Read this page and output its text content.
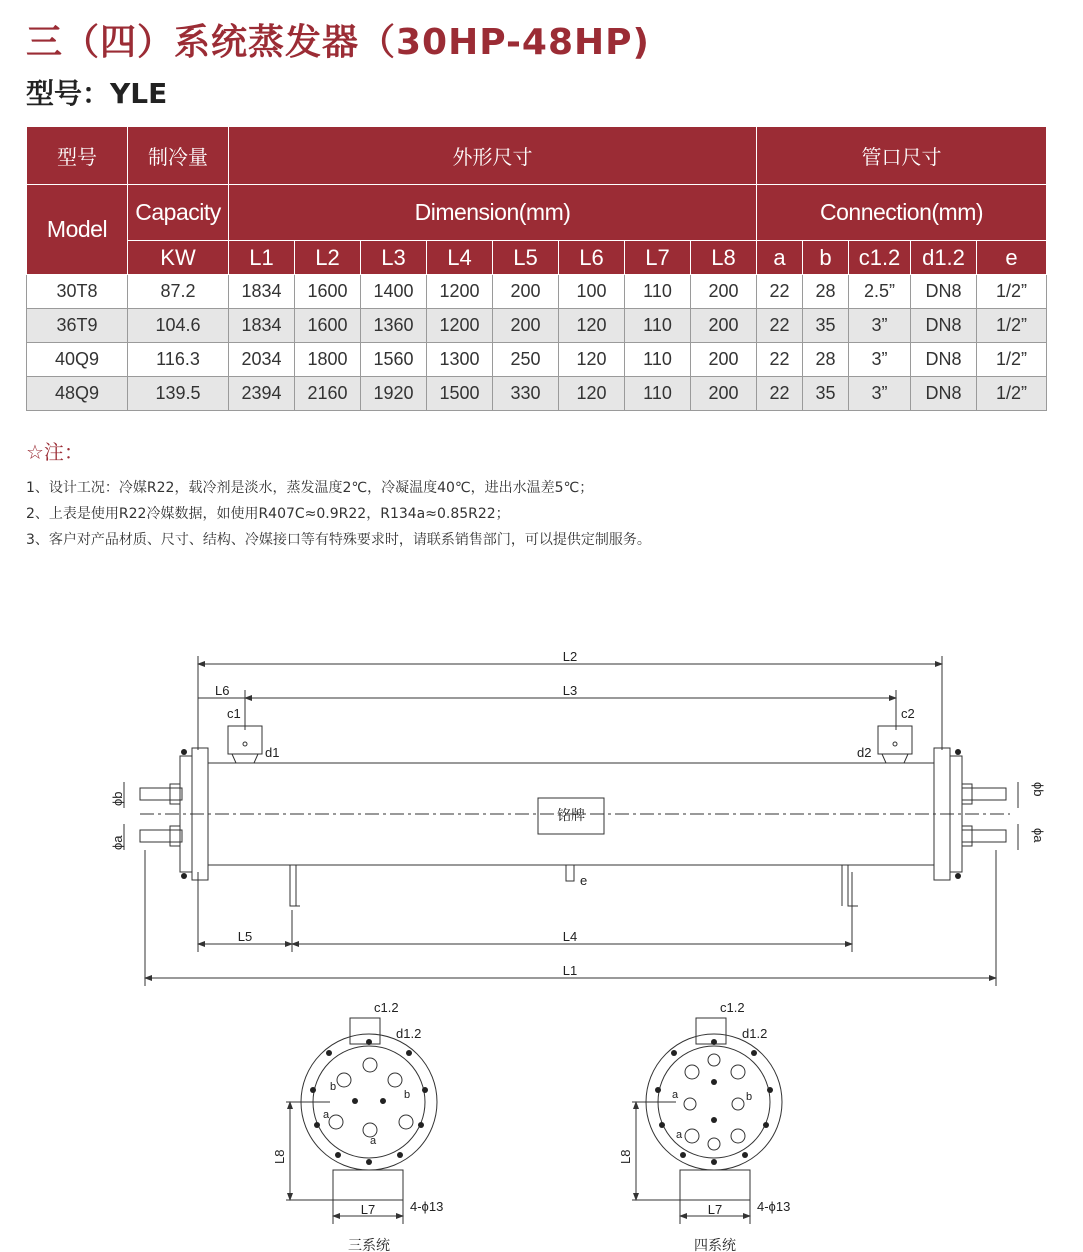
三（四）系统蒸发器（30HP-48HP)
型号：YLE
型号	制冷量	外形尺寸								管口尺寸				
Model	Capacity	Dimension(mm)								Connection(mm)				
	KW	L1	L2	L3	L4	L5	L6	L7	L8	a	b	c1.2	d1.2	e
30T8	87.2	1834	1600	1400	1200	200	100	110	200	22	28	2.5”	DN8	1/2”
36T9	104.6	1834	1600	1360	1200	200	120	110	200	22	35	3”	DN8	1/2”
40Q9	116.3	2034	1800	1560	1300	250	120	110	200	22	28	3”	DN8	1/2”
48Q9	139.5	2394	2160	1920	1500	330	120	110	200	22	35	3”	DN8	1/2”
☆注：
1、设计工况：冷媒R22，载冷剂是淡水，蒸发温度2℃，冷凝温度40℃，进出水温差5℃；
2、上表是使用R22冷媒数据，如使用R407C≈0.9R22，R134a≈0.85R22；
3、客户对产品材质、尺寸、结构、冷媒接口等有特殊要求时，请联系销售部门，可以提供定制服务。
L2
L3
L6
c1	c2
d1	d2
铭牌
e
L5	L4
L1
ϕb
ϕa
ϕb
ϕa
c1.2
d1.2
b
b
a
a
L8
L7	4-ϕ13
三系统
c1.2
d1.2
a	b
a
L8
L7	4-ϕ13
四系统
